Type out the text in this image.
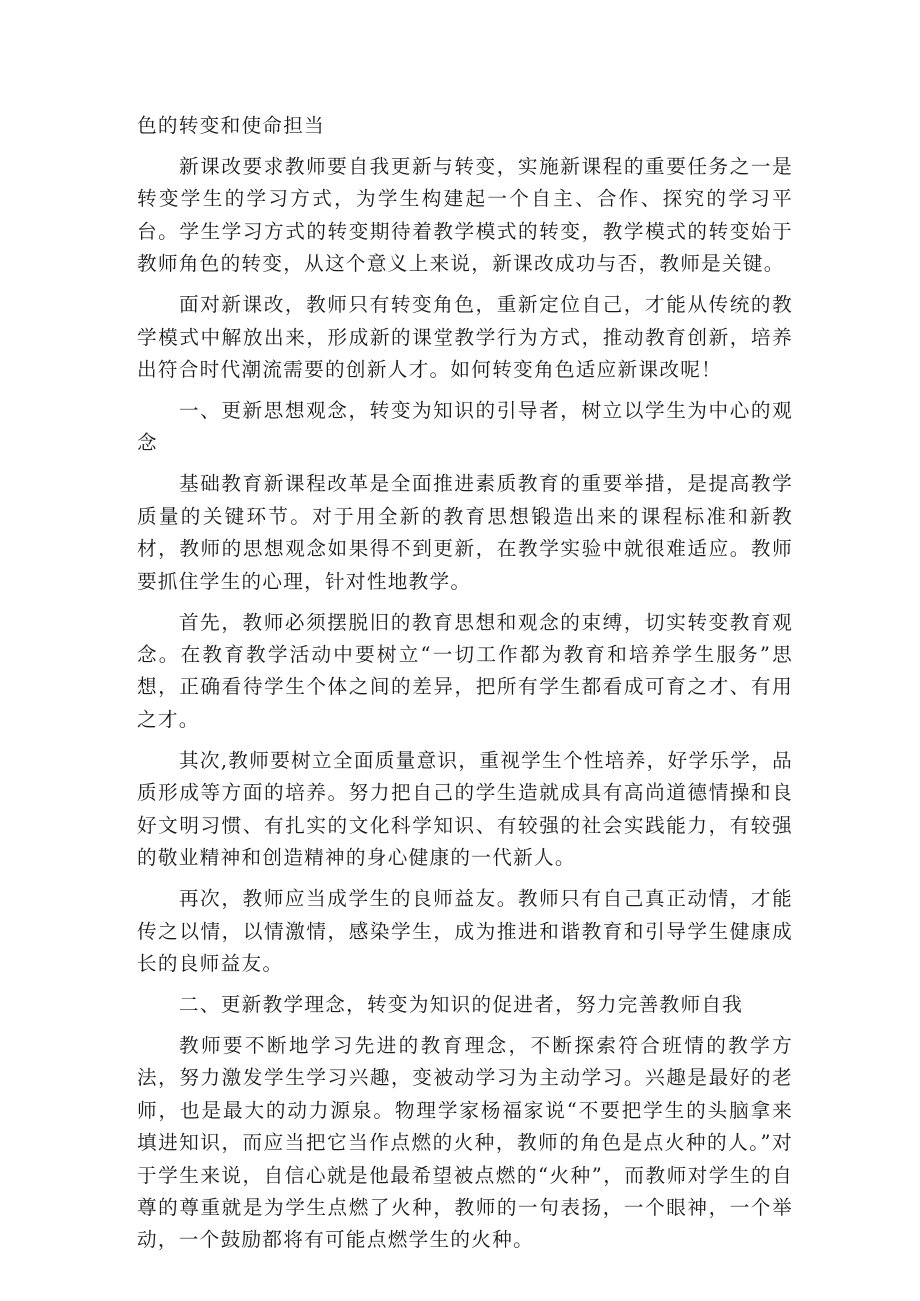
色的转变和使命担当

新课改要求教师要自我更新与转变，实施新课程的重要任务之一是转变学生的学习方式，为学生构建起一个自主、合作、探究的学习平台。学生学习方式的转变期待着教学模式的转变，教学模式的转变始于教师角色的转变，从这个意义上来说，新课改成功与否，教师是关键。

面对新课改，教师只有转变角色，重新定位自己，才能从传统的教学模式中解放出来，形成新的课堂教学行为方式，推动教育创新，培养出符合时代潮流需要的创新人才。如何转变角色适应新课改呢！

一、更新思想观念，转变为知识的引导者，树立以学生为中心的观念

基础教育新课程改革是全面推进素质教育的重要举措，是提高教学质量的关键环节。对于用全新的教育思想锻造出来的课程标准和新教材，教师的思想观念如果得不到更新，在教学实验中就很难适应。教师要抓住学生的心理，针对性地教学。

首先，教师必须摆脱旧的教育思想和观念的束缚，切实转变教育观念。在教育教学活动中要树立“一切工作都为教育和培养学生服务”思想，正确看待学生个体之间的差异，把所有学生都看成可育之才、有用之才。

其次,教师要树立全面质量意识，重视学生个性培养，好学乐学，品质形成等方面的培养。努力把自己的学生造就成具有高尚道德情操和良好文明习惯、有扎实的文化科学知识、有较强的社会实践能力，有较强的敬业精神和创造精神的身心健康的一代新人。

再次，教师应当成学生的良师益友。教师只有自己真正动情，才能传之以情，以情激情，感染学生，成为推进和谐教育和引导学生健康成长的良师益友。

二、更新教学理念，转变为知识的促进者，努力完善教师自我

教师要不断地学习先进的教育理念，不断探索符合班情的教学方法，努力激发学生学习兴趣，变被动学习为主动学习。兴趣是最好的老师，也是最大的动力源泉。物理学家杨福家说“不要把学生的头脑拿来填进知识，而应当把它当作点燃的火种，教师的角色是点火种的人。”对于学生来说，自信心就是他最希望被点燃的“火种”，而教师对学生的自尊的尊重就是为学生点燃了火种，教师的一句表扬，一个眼神，一个举动，一个鼓励都将有可能点燃学生的火种。
